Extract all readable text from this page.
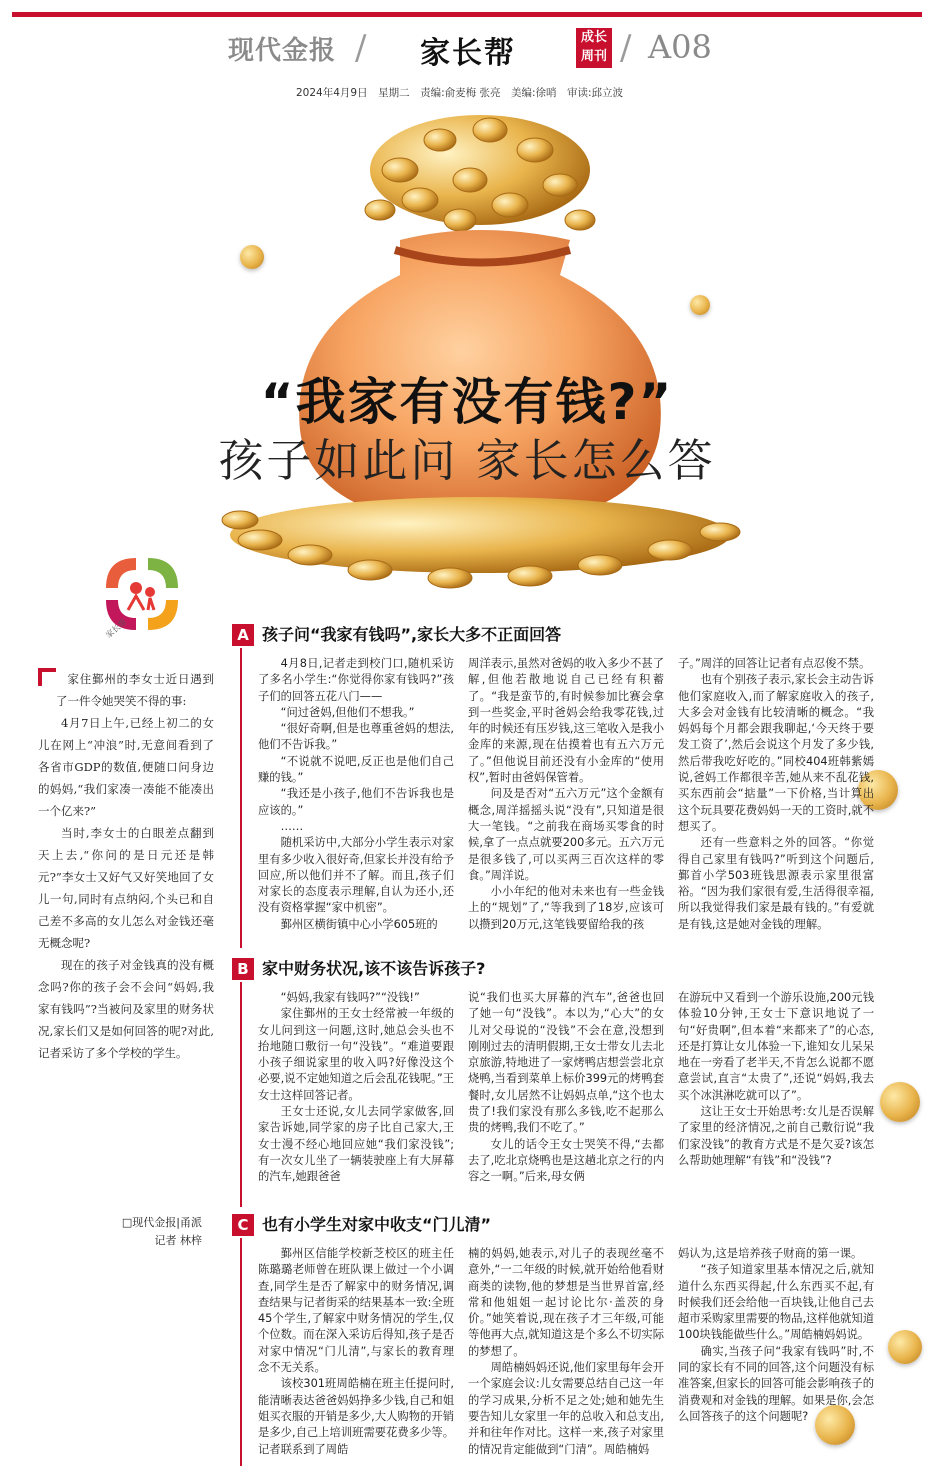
现代金报 / 家长帮	成长
周刊 / A08
2024年4月9日　星期二　责编:俞麦梅 张亮　美编:徐哨　审读:邱立波
“我家有没有钱?”
孩子如此问 家长怎么答
家长帮

家住鄞州的李女士近日遇到了一件令她哭笑不得的事:

4月7日上午,已经上初二的女儿在网上“冲浪”时,无意间看到了各省市GDP的数值,便随口问身边的妈妈,“我们家凑一凑能不能凑出一个亿来?”

当时,李女士的白眼差点翻到天上去,“你问的是日元还是韩元?”李女士又好气又好笑地回了女儿一句,同时有点纳闷,个头已和自己差不多高的女儿怎么对金钱还毫无概念呢?

现在的孩子对金钱真的没有概念吗?你的孩子会不会问“妈妈,我家有钱吗”?当被问及家里的财务状况,家长们又是如何回答的呢?对此,记者采访了多个学校的学生。

□现代金报|甬派
记者 林梓
A 孩子问“我家有钱吗”,家长大多不正面回答

4月8日,记者走到校门口,随机采访了多名小学生:“你觉得你家有钱吗?”孩子们的回答五花八门——

“问过爸妈,但他们不想我。”

“很好奇啊,但是也尊重爸妈的想法,他们不告诉我。”

“不说就不说吧,反正也是他们自己赚的钱。”

“我还是小孩子,他们不告诉我也是应该的。”

……

随机采访中,大部分小学生表示对家里有多少收入很好奇,但家长并没有给予回应,所以他们并不了解。而且,孩子们对家长的态度表示理解,自认为还小,还没有资格掌握“家中机密”。

鄞州区横街镇中心小学605班的

周洋表示,虽然对爸妈的收入多少不甚了解,但他若散地说自己已经有积蓄了。“我是蛮节的,有时候参加比赛会拿到一些奖金,平时爸妈会给我零花钱,过年的时候还有压岁钱,这三笔收入是我小金库的来源,现在估摸着也有五六万元了。”但他说目前还没有小金库的“使用权”,暂时由爸妈保管着。

问及是否对“五六万元”这个金额有概念,周洋摇摇头说“没有”,只知道是很大一笔钱。“之前我在商场买零食的时候,拿了一点点就要200多元。五六万元是很多钱了,可以买两三百次这样的零食。”周洋说。

小小年纪的他对未来也有一些金钱上的“规划”了,“等我到了18岁,应该可以攒到20万元,这笔钱要留给我的孩

子。”周洋的回答让记者有点忍俊不禁。

也有个别孩子表示,家长会主动告诉他们家庭收入,而了解家庭收入的孩子,大多会对金钱有比较清晰的概念。“我妈妈每个月都会跟我聊起,‘今天终于要发工资了’,然后会说这个月发了多少钱,然后带我吃好吃的。”同校404班韩紫嫣说,爸妈工作都很辛苦,她从来不乱花钱,买东西前会“掂量”一下价格,当计算出这个玩具要花费妈妈一天的工资时,就不想买了。

还有一些意料之外的回答。“你觉得自己家里有钱吗?”听到这个问题后,鄞首小学503班钱思源表示家里很富裕。“因为我们家很有爱,生活得很幸福,所以我觉得我们家是最有钱的。”有爱就是有钱,这是她对金钱的理解。

B 家中财务状况,该不该告诉孩子?

“妈妈,我家有钱吗?”“没钱!”

家住鄞州的王女士经常被一年级的女儿问到这一问题,这时,她总会头也不抬地随口敷衍一句“没钱”。“难道要跟小孩子细说家里的收入吗?好像没这个必要,说不定她知道之后会乱花钱呢。”王女士这样回答记者。

王女士还说,女儿去同学家做客,回家告诉她,同学家的房子比自己家大,王女士漫不经心地回应她“我们家没钱”;有一次女儿坐了一辆装驶座上有大屏幕的汽车,她跟爸爸

说“我们也买大屏幕的汽车”,爸爸也回了她一句“没钱”。本以为,“心大”的女儿对父母说的“没钱”不会在意,没想到刚刚过去的清明假期,王女士带女儿去北京旅游,特地进了一家烤鸭店想尝尝北京烧鸭,当看到菜单上标价399元的烤鸭套餐时,女儿居然不让妈妈点单,“这个也太贵了!我们家没有那么多钱,吃不起那么贵的烤鸭,我们不吃了。”

女儿的话令王女士哭笑不得,“去都去了,吃北京烧鸭也是这趟北京之行的内容之一啊。”后来,母女俩

在游玩中又看到一个游乐设施,200元钱体验10分钟,王女士下意识地说了一句“好贵啊”,但本着“来都来了”的心态,还是打算让女儿体验一下,谁知女儿呆呆地在一旁看了老半天,不肯怎么说都不愿意尝试,直言“太贵了”,还说“妈妈,我去买个冰淇淋吃就可以了”。

这让王女士开始思考:女儿是否误解了家里的经济情况,之前自己敷衍说“我们家没钱”的教育方式是不是欠妥?该怎么帮助她理解“有钱”和“没钱”?

C 也有小学生对家中收支“门儿清”

鄞州区信能学校新芝校区的班主任陈璐璐老师曾在班队课上做过一个小调查,同学生是否了解家中的财务情况,调查结果与记者街采的结果基本一致:全班45个学生,了解家中财务情况的学生,仅个位数。而在深入采访后得知,孩子是否对家中情况“门儿清”,与家长的教育理念不无关系。

该校301班周皓楠在班主任提问时,能清晰表达爸爸妈妈挣多少钱,自己和姐姐买衣服的开销是多少,大人购物的开销是多少,自己上培训班需要花费多少等。记者联系到了周皓

楠的妈妈,她表示,对儿子的表现丝毫不意外,“一二年级的时候,就开始给他看财商类的读物,他的梦想是当世界首富,经常和他姐姐一起讨论比尔·盖茨的身价。”她笑着说,现在孩子才三年级,可能等他再大点,就知道这是个多么不切实际的梦想了。

周皓楠妈妈还说,他们家里每年会开一个家庭会议:儿女需要总结自己这一年的学习成果,分析不足之处;她和她先生要告知儿女家里一年的总收入和总支出,并和往年作对比。这样一来,孩子对家里的情况肯定能做到“门清”。周皓楠妈

妈认为,这是培养孩子财商的第一课。

“孩子知道家里基本情况之后,就知道什么东西买得起,什么东西买不起,有时候我们还会给他一百块钱,让他自己去超市采购家里需要的物品,这样他就知道100块钱能做些什么。”周皓楠妈妈说。

确实,当孩子问“我家有钱吗”时,不同的家长有不同的回答,这个问题没有标准答案,但家长的回答可能会影响孩子的消费观和对金钱的理解。如果是你,会怎么回答孩子的这个问题呢?
